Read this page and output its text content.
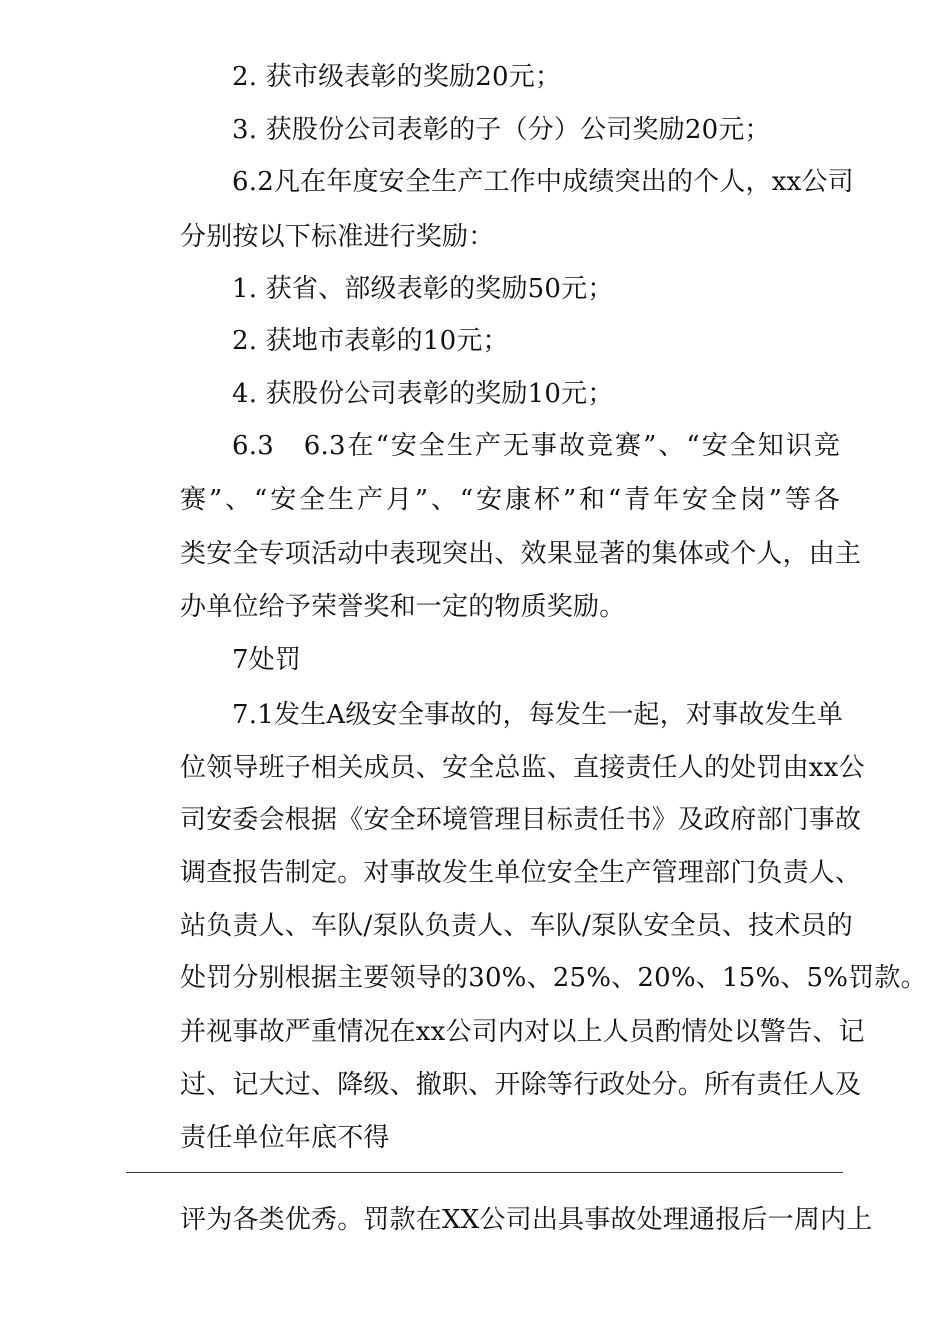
2. 获市级表彰的奖励20元；
3. 获股份公司表彰的子（分）公司奖励20元；
6.2凡在年度安全生产工作中成绩突出的个人，xx公司
分别按以下标准进行奖励：
1. 获省、部级表彰的奖励50元；
2. 获地市表彰的10元；
4. 获股份公司表彰的奖励10元；
6.3　6.3在“安全生产无事故竞赛”、“安全知识竞
赛”、“安全生产月”、“安康杯”和“青年安全岗”等各
类安全专项活动中表现突出、效果显著的集体或个人，由主
办单位给予荣誉奖和一定的物质奖励。
7处罚
7.1发生A级安全事故的，每发生一起，对事故发生单
位领导班子相关成员、安全总监、直接责任人的处罚由xx公
司安委会根据《安全环境管理目标责任书》及政府部门事故
调查报告制定。对事故发生单位安全生产管理部门负责人、
站负责人、车队/泵队负责人、车队/泵队安全员、技术员的
处罚分别根据主要领导的30%、25%、20%、15%、5%罚款。
并视事故严重情况在xx公司内对以上人员酌情处以警告、记
过、记大过、降级、撤职、开除等行政处分。所有责任人及
责任单位年底不得
评为各类优秀。罚款在XX公司出具事故处理通报后一周内上
